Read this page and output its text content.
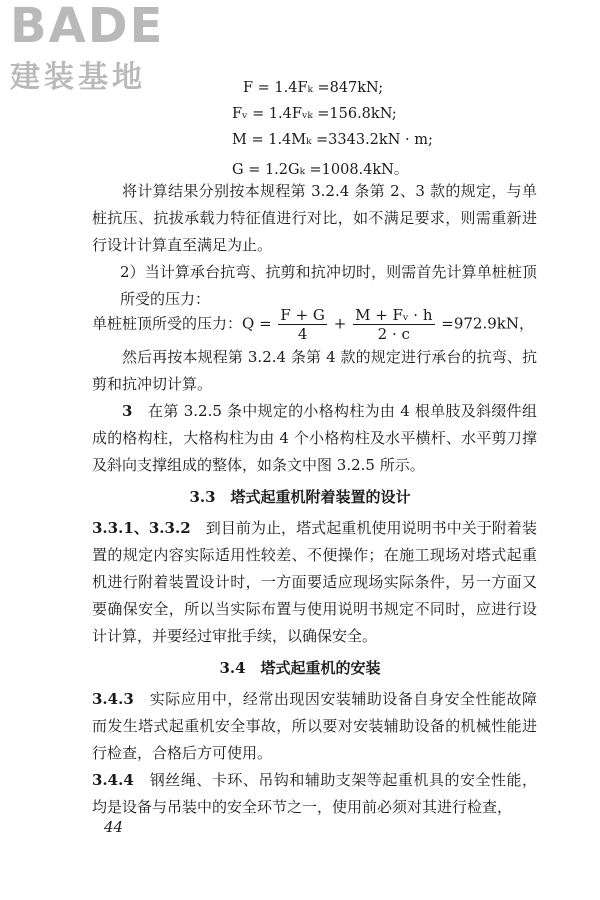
BADE
建装基地	F = 1.4Fₖ =847kN;
Fᵥ = 1.4Fᵥₖ =156.8kN;
M = 1.4Mₖ =3343.2kN · m;
G = 1.2Gₖ =1008.4kN。
将计算结果分别按本规程第 3.2.4 条第 2、3 款的规定，与单桩抗压、抗拔承载力特征值进行对比，如不满足要求，则需重新进行设计计算直至满足为止。
2）当计算承台抗弯、抗剪和抗冲切时，则需首先计算单桩桩顶所受的压力：
单桩桩顶所受的压力：$Q = \frac{F + G}{4} + \frac{\text{M + Fᵥ · h}}{2 \cdot c} =972.9kN$，
然后再按本规程第 3.2.4 条第 4 款的规定进行承台的抗弯、抗剪和抗冲切计算。
3　 在第 3.2.5 条中规定的小格构柱为由 4 根单肢及斜缀件组成的格构柱，大格构柱为由 4 个小格构柱及水平横杆、水平剪刀撑及斜向支撑组成的整体，如条文中图 3.2.5 所示。
3.3　塔式起重机附着装置的设计
3.3.1、3.3.2　 到目前为止，塔式起重机使用说明书中关于附着装置的规定内容实际适用性较差、不便操作；在施工现场对塔式起重机进行附着装置设计时，一方面要适应现场实际条件，另一方面又要确保安全，所以当实际布置与使用说明书规定不同时，应进行设计计算，并要经过审批手续，以确保安全。
3.4　塔式起重机的安装
3.4.3　 实际应用中，经常出现因安装辅助设备自身安全性能故障而发生塔式起重机安全事故，所以要对安装辅助设备的机械性能进行检查，合格后方可使用。
3.4.4　 钢丝绳、卡环、吊钩和辅助支架等起重机具的安全性能，均是设备与吊装中的安全环节之一，使用前必须对其进行检查，
44
